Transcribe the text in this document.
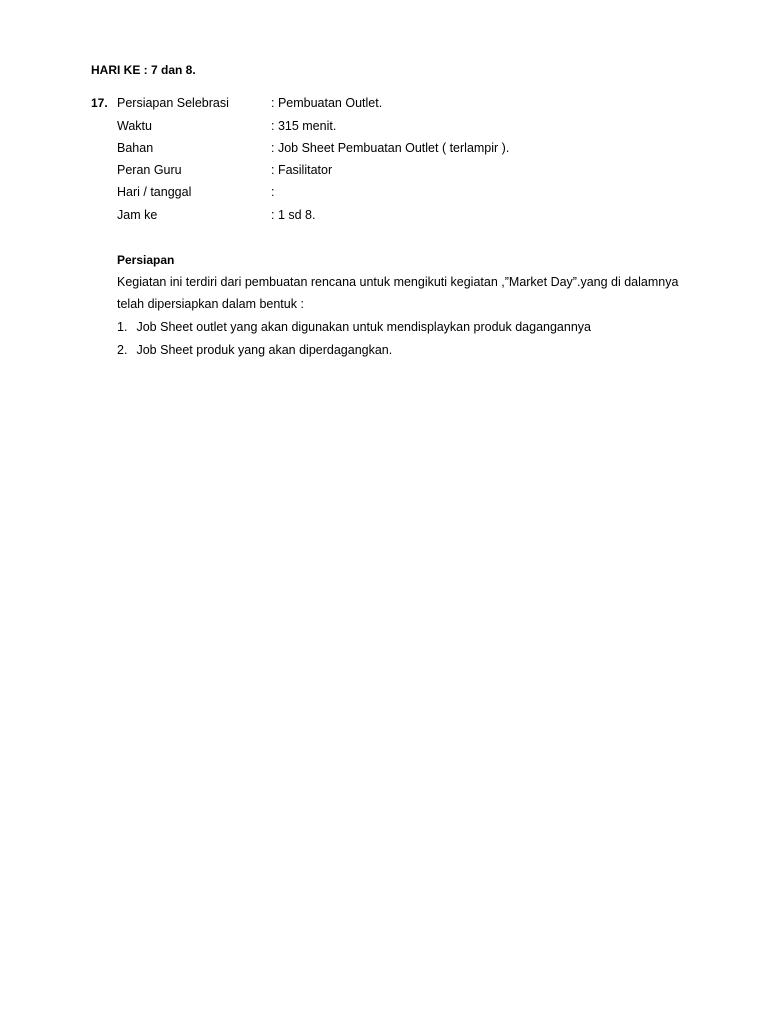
HARI KE : 7 dan 8.
17. Persiapan Selebrasi	: Pembuatan Outlet.
Waktu	: 315 menit.
Bahan	: Job Sheet Pembuatan Outlet ( terlampir ).
Peran Guru	: Fasilitator
Hari / tanggal	:
Jam ke	: 1 sd 8.
Persiapan
Kegiatan ini terdiri dari pembuatan rencana untuk mengikuti kegiatan ,”Market Day”.yang di dalamnya
telah dipersiapkan dalam bentuk :
1. Job Sheet outlet yang akan digunakan untuk mendisplaykan produk dagangannya
2. Job Sheet produk yang akan diperdagangkan.
